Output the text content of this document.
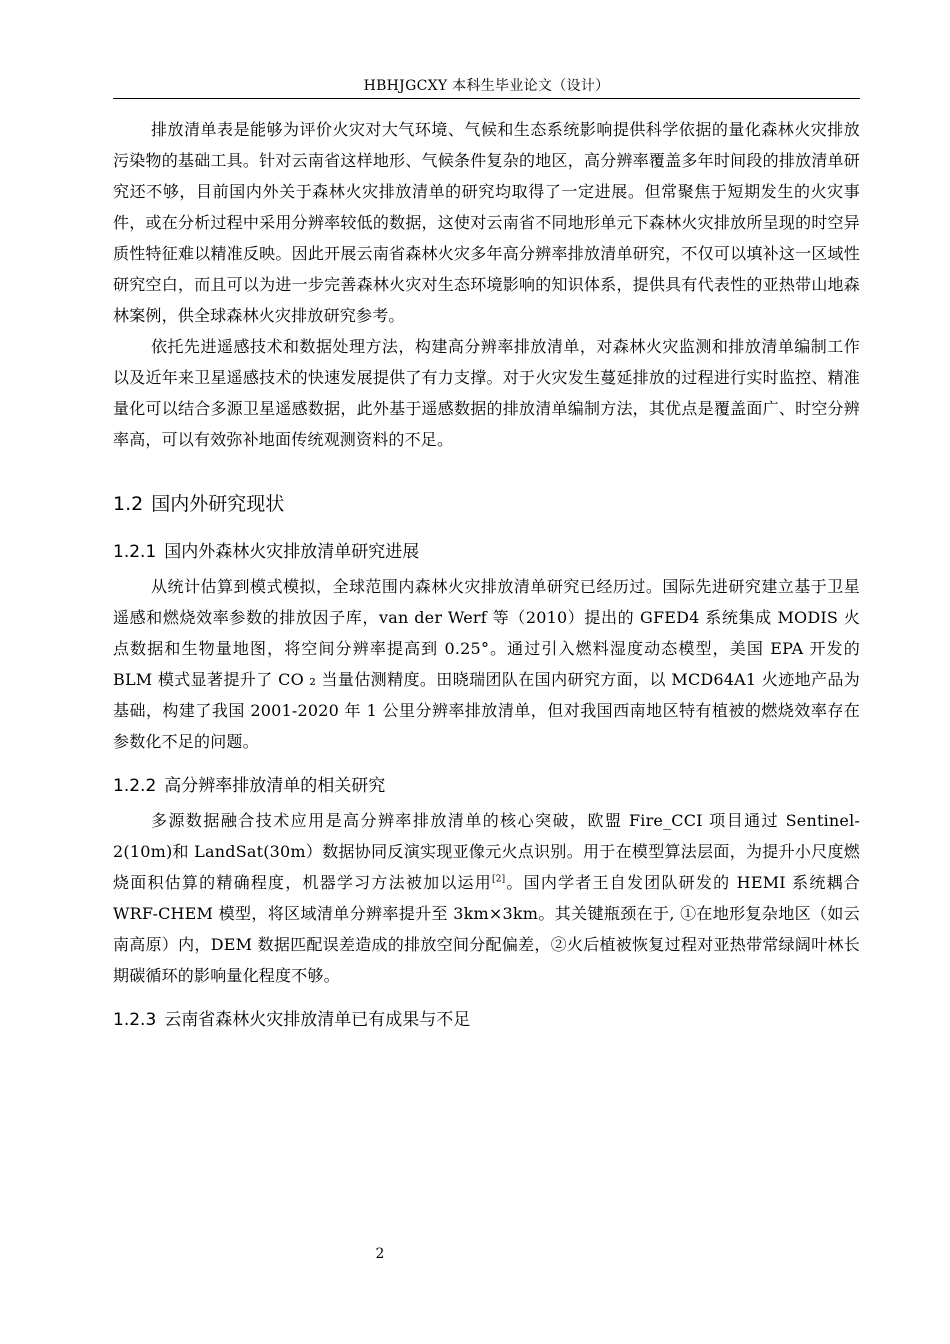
HBHJGCXY 本科生毕业论文（设计）

排放清单表是能够为评价火灾对大气环境、气候和生态系统影响提供科学依据的量化森林火灾排放污染物的基础工具。针对云南省这样地形、气候条件复杂的地区，高分辨率覆盖多年时间段的排放清单研究还不够，目前国内外关于森林火灾排放清单的研究均取得了一定进展。但常聚焦于短期发生的火灾事件，或在分析过程中采用分辨率较低的数据，这使对云南省不同地形单元下森林火灾排放所呈现的时空异质性特征难以精准反映。因此开展云南省森林火灾多年高分辨率排放清单研究，不仅可以填补这一区域性研究空白，而且可以为进一步完善森林火灾对生态环境影响的知识体系，提供具有代表性的亚热带山地森林案例，供全球森林火灾排放研究参考。

依托先进遥感技术和数据处理方法，构建高分辨率排放清单，对森林火灾监测和排放清单编制工作以及近年来卫星遥感技术的快速发展提供了有力支撑。对于火灾发生蔓延排放的过程进行实时监控、精准量化可以结合多源卫星遥感数据，此外基于遥感数据的排放清单编制方法，其优点是覆盖面广、时空分辨率高，可以有效弥补地面传统观测资料的不足。

1.2 国内外研究现状
1.2.1 国内外森林火灾排放清单研究进展

从统计估算到模式模拟，全球范围内森林火灾排放清单研究已经历过。国际先进研究建立基于卫星遥感和燃烧效率参数的排放因子库，van der Werf 等（2010）提出的 GFED4 系统集成 MODIS 火点数据和生物量地图，将空间分辨率提高到 0.25°。通过引入燃料湿度动态模型，美国 EPA 开发的 BLM 模式显著提升了 CO ₂ 当量估测精度。田晓瑞团队在国内研究方面，以 MCD64A1 火迹地产品为基础，构建了我国 2001-2020 年 1 公里分辨率排放清单，但对我国西南地区特有植被的燃烧效率存在参数化不足的问题。

1.2.2 高分辨率排放清单的相关研究

多源数据融合技术应用是高分辨率排放清单的核心突破，欧盟 Fire_CCI 项目通过 Sentinel-2(10m)和 LandSat(30m）数据协同反演实现亚像元火点识别。用于在模型算法层面，为提升小尺度燃烧面积估算的精确程度，机器学习方法被加以运用[2]。国内学者王自发团队研发的 HEMI 系统耦合 WRF-CHEM 模型，将区域清单分辨率提升至 3km×3km。其关键瓶颈在于, ①在地形复杂地区（如云南高原）内，DEM 数据匹配误差造成的排放空间分配偏差，②火后植被恢复过程对亚热带常绿阔叶林长期碳循环的影响量化程度不够。

1.2.3 云南省森林火灾排放清单已有成果与不足
2
